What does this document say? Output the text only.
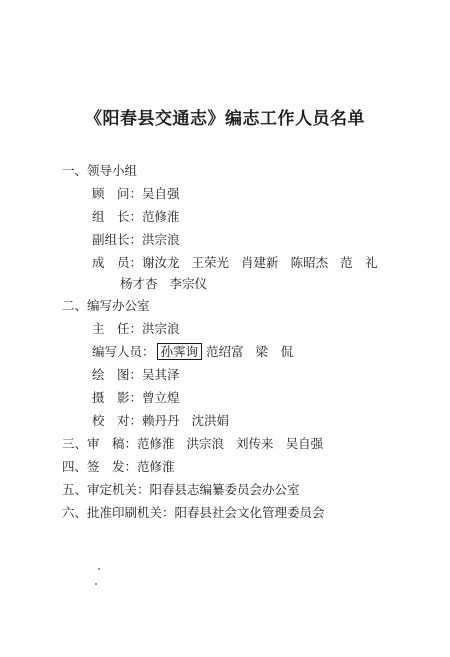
《阳春县交通志》编志工作人员名单
一、领导小组
顾　问：吴自强
组　长：范修淮
副组长：洪宗浪
成　员：谢汝龙 王荣光 肖建新 陈昭杰 范　礼
杨才杏 李宗仪
二、编写办公室
主　任：洪宗浪
编写人员： 孙霁询 范绍富 梁　侃
绘　图：吴其泽
摄　影：曾立煌
校　对：赖丹丹 沈洪娟
三、审　稿：范修淮 洪宗浪 刘传来 吴自强
四、签　发：范修淮
五、审定机关：阳春县志编纂委员会办公室
六、批准印刷机关：阳春县社会文化管理委员会
